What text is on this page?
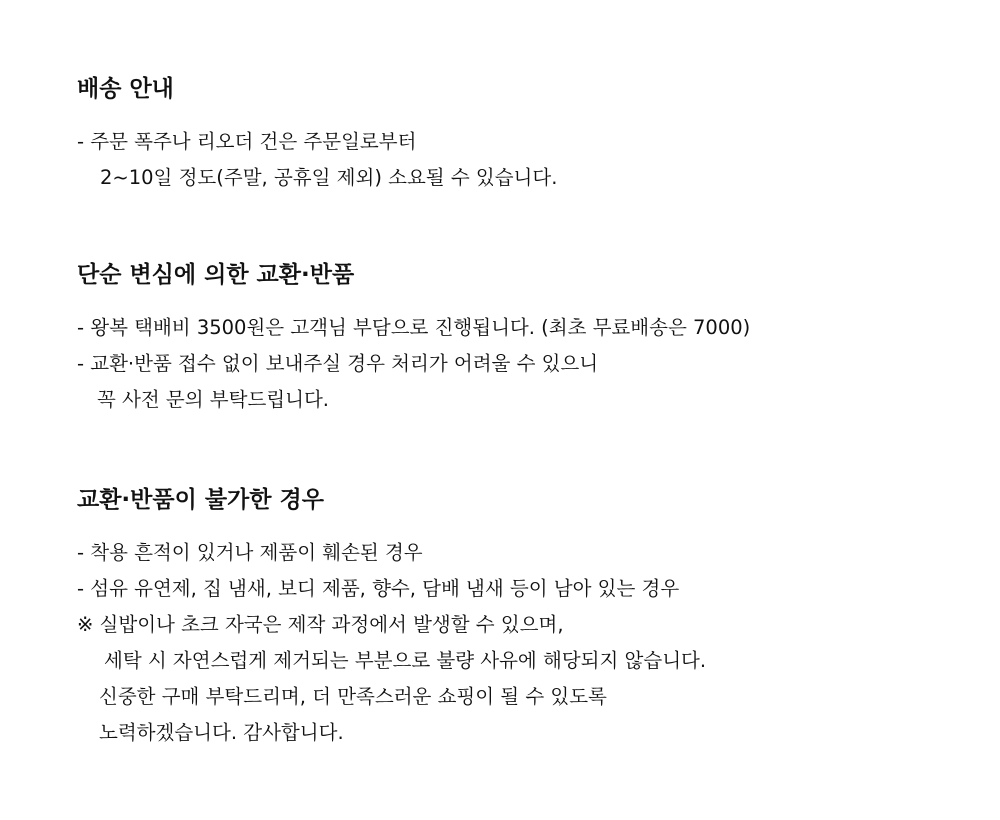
배송 안내
- 주문 폭주나 리오더 건은 주문일로부터
2~10일 정도(주말, 공휴일 제외) 소요될 수 있습니다.
단순 변심에 의한 교환·반품
- 왕복 택배비 3500원은 고객님 부담으로 진행됩니다. (최초 무료배송은 7000)
- 교환·반품 접수 없이 보내주실 경우 처리가 어려울 수 있으니
꼭 사전 문의 부탁드립니다.
교환·반품이 불가한 경우
- 착용 흔적이 있거나 제품이 훼손된 경우
- 섬유 유연제, 집 냄새, 보디 제품, 향수, 담배 냄새 등이 남아 있는 경우
※ 실밥이나 초크 자국은 제작 과정에서 발생할 수 있으며,
세탁 시 자연스럽게 제거되는 부분으로 불량 사유에 해당되지 않습니다.
신중한 구매 부탁드리며, 더 만족스러운 쇼핑이 될 수 있도록
노력하겠습니다. 감사합니다.
